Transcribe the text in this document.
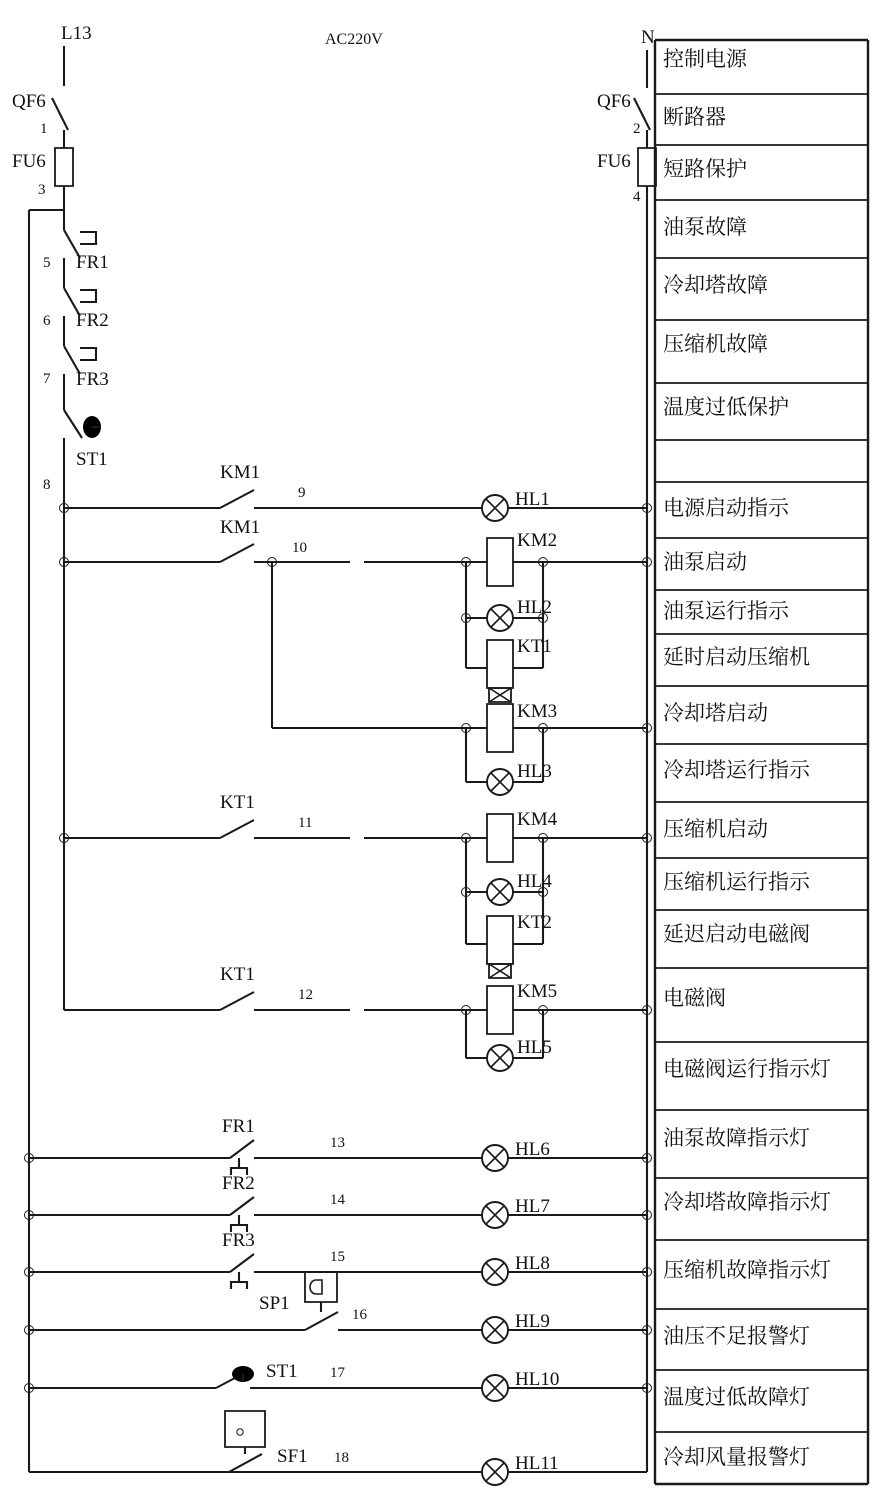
L13	AC220V	N
QF6
1
FU6
3
QF6
2
FU6
4
5 FR1
6 FR2
7 FR3
ST1
8
KM1
9	HL1
KM1
10	KM2
HL2
KT1
KM3
HL3
KT1
11	KM4
HL4
KT2
KT1
12	KM5
HL5
FR1
13	HL6
FR2
14	HL7
FR3
15	HL8
SP1
16	HL9
ST1 17	HL10
SF1 18	HL11
控制电源
断路器
短路保护
油泵故障
冷却塔故障
压缩机故障
温度过低保护
电源启动指示
油泵启动
油泵运行指示
延时启动压缩机
冷却塔启动
冷却塔运行指示
压缩机启动
压缩机运行指示
延迟启动电磁阀
电磁阀
电磁阀运行指示灯
油泵故障指示灯
冷却塔故障指示灯
压缩机故障指示灯
油压不足报警灯
温度过低故障灯
冷却风量报警灯
